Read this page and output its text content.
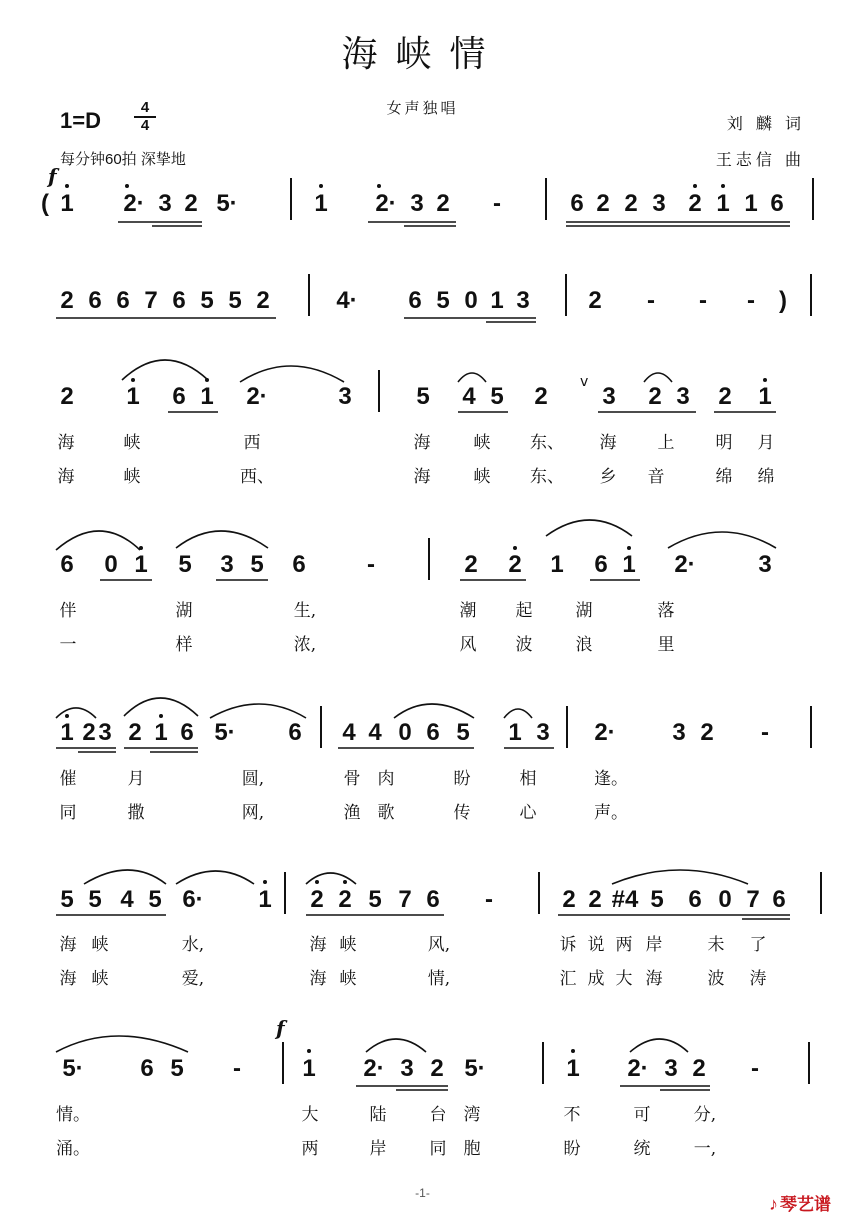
海峡情
女声独唱
$1=D \frac{4}{4}$
每分钟60拍 深挚地
刘 麟 词
王志信 曲
f
f
( 1	2· 3 2 5·	1	2· 3 2 -	6 2 2 3 2 1 1 6
2 6 6 7 6 5 5 2	4· 6 5 0 1 3 2 - - - )
2 1 6 1 2·	3	5 4 5 2 3 2 3 2 1
海	峡	西	海	峡 东、 海 上 明 月
海	峡	西、	海	峡 东、 乡 音	绵 绵
6 0 1 5 3 5 6	-	2 2 1 6 1 2·	3
伴	湖	生,	潮 起	湖	落
一	样	浓,	风 波	浪	里
1 2 3 2 1 6 5· 6 4 4 0 6 5 1 3 2· 3 2 -
催	月	圆,	骨 肉	盼	相	逢。
同	撒	网,	渔 歌	传	心	声。
5 5 4 5 6· 1 2 2 5 7 6 -	2 2 #4 5 6 0 7 6
海 峡	水,	海 峡	风,	诉 说 两 岸	未 了
海 峡	爱,	海 峡	情,	汇 成 大 海	波 涛
5· 6 5 -	1	2· 3 2 5·	1	2· 3 2 -
情。	大	陆	台 湾	不	可	分,
涌。	两	岸	同 胞	盼	统	一,
v
-1-
♪ 琴艺谱
